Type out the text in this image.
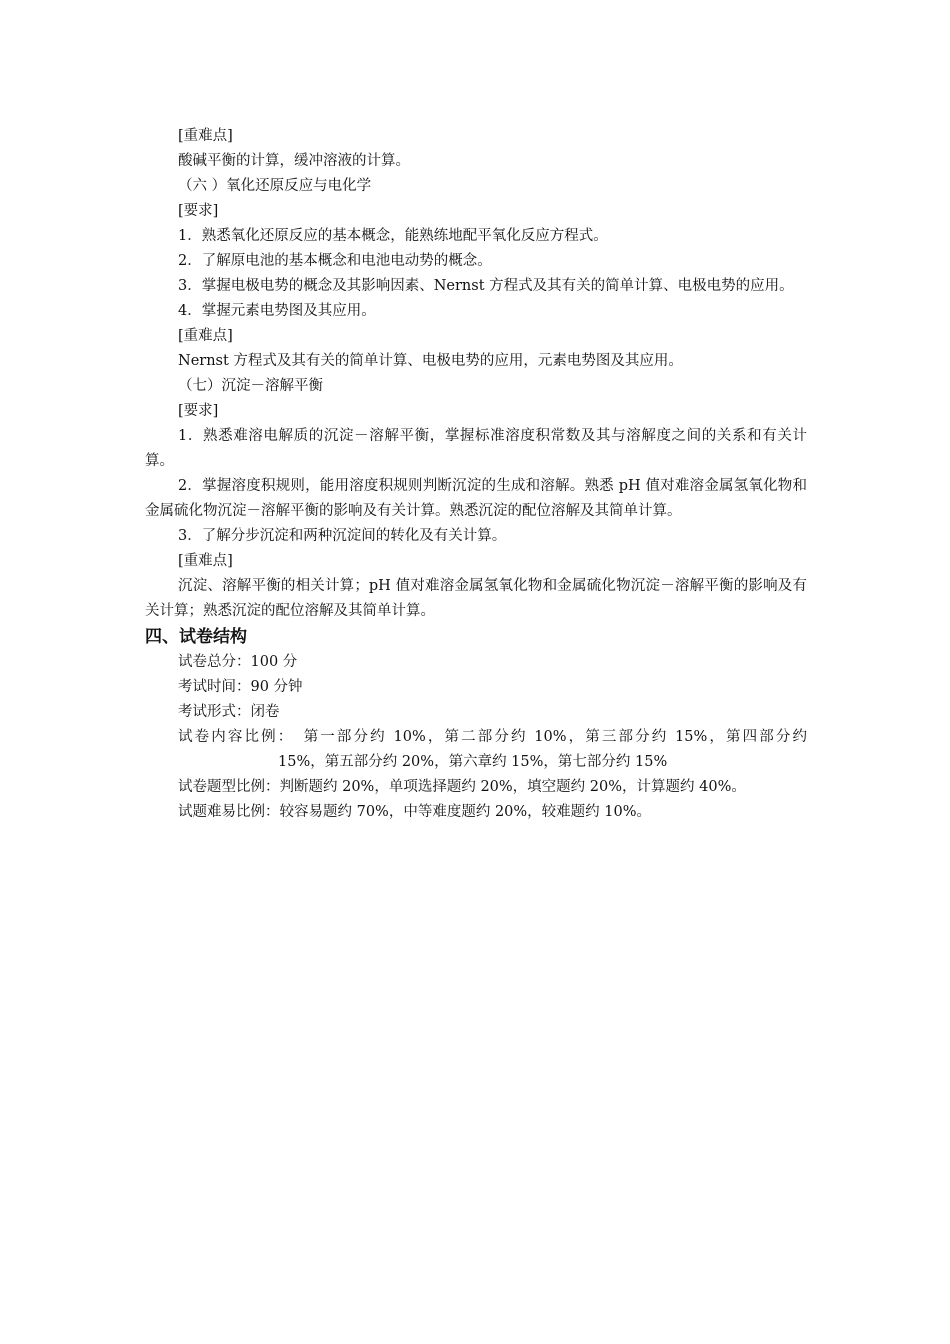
[重难点]
酸碱平衡的计算，缓冲溶液的计算。
（六 ）氧化还原反应与电化学
[要求]
1．熟悉氧化还原反应的基本概念，能熟练地配平氧化反应方程式。
2．了解原电池的基本概念和电池电动势的概念。
3．掌握电极电势的概念及其影响因素、Nernst 方程式及其有关的简单计算、电极电势的应用。
4．掌握元素电势图及其应用。
[重难点]
Nernst 方程式及其有关的简单计算、电极电势的应用，元素电势图及其应用。
（七）沉淀－溶解平衡
[要求]
1．熟悉难溶电解质的沉淀－溶解平衡，掌握标准溶度积常数及其与溶解度之间的关系和有关计算。
2．掌握溶度积规则，能用溶度积规则判断沉淀的生成和溶解。熟悉 pH 值对难溶金属氢氧化物和金属硫化物沉淀－溶解平衡的影响及有关计算。熟悉沉淀的配位溶解及其简单计算。
3．了解分步沉淀和两种沉淀间的转化及有关计算。
[重难点]
沉淀、溶解平衡的相关计算；pH 值对难溶金属氢氧化物和金属硫化物沉淀－溶解平衡的影响及有关计算；熟悉沉淀的配位溶解及其简单计算。
四、试卷结构
试卷总分：100 分
考试时间：90 分钟
考试形式：闭卷
试卷内容比例：　第一部分约 10%，第二部分约 10%，第三部分约 15%，第四部分约
15%，第五部分约 20%，第六章约 15%，第七部分约 15%
试卷题型比例：判断题约 20%，单项选择题约 20%，填空题约 20%，计算题约 40%。
试题难易比例：较容易题约 70%，中等难度题约 20%，较难题约 10%。
